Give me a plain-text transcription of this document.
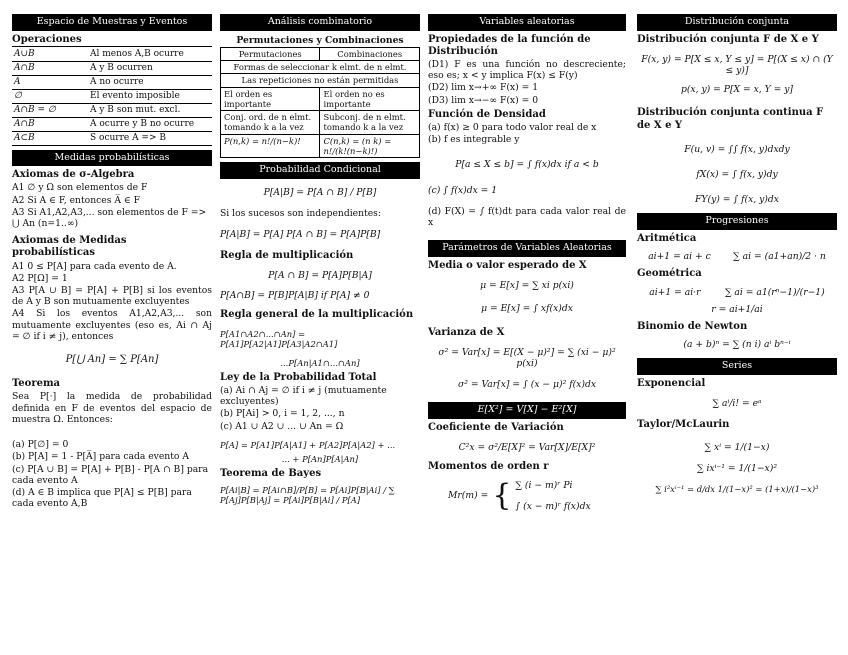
Espacio de Muestras y Eventos
Operaciones
A∪B	Al menos A,B ocurre
A∩B	A y B ocurren
A̅	A no ocurre
∅	El evento imposible
A∩B = ∅	A y B son mut. excl.
A∩B̅	A ocurre y B no ocurre
A⊂B	S ocurre A => B
Medidas probabilísticas
Axiomas de σ-Algebra
A1 ∅ y Ω son elementos de F
A2 Si A ∈ F, entonces A̅ ∈ F
A3 Si A1,A2,A3,... son elementos de F => ⋃ An (n=1..∞)
Axiomas de Medidas probabilísticas
A1 0 ≤ P[A] para cada evento de A.
A2 P[Ω] = 1
A3 P[A ∪ B] = P[A] + P[B] si los eventos de A y B son mutuamente excluyentes
A4 Si los eventos A1,A2,A3,... son mutuamente excluyentes (eso es, Ai ∩ Aj = ∅ if i ≠ j), entonces
P[⋃ An] = ∑ P[An]
Teorema
Sea P[·] la medida de probabilidad definida en F de eventos del espacio de muestra Ω. Entonces:
(a) P[∅] = 0
(b) P[A] = 1 - P[A̅] para cada evento A
(c) P[A ∪ B] = P[A] + P[B] - P[A ∩ B] para cada evento A
(d) A ∈ B implica que P[A] ≤ P[B] para cada evento A,B
Análisis combinatorio
Permutaciones y Combinaciones	
Permutaciones	Combinaciones
Formas de seleccionar k elmt. de n elmt.	
Las repeticiones no están permitidas	
El orden es importante	El orden no es importante
Conj. ord. de n elmt. tomando k a la vez	Subconj. de n elmt. tomando k a la vez
P(n,k) = n!/(n−k)!	C(n,k) = (n k) = n!/(k!(n−k)!)
Probabilidad Condicional
P[A|B] = P[A ∩ B] / P[B]
Si los sucesos son independientes:
P[A|B] = P[A] P[A ∩ B] = P[A]P[B]
Regla de multiplicación
P[A ∩ B] = P[A]P[B|A]
P[A∩B] = P[B]P[A|B] if P[A] ≠ 0
Regla general de la multiplicación
P[A1∩A2∩...∩An] = P[A1]P[A2|A1]P[A3|A2∩A1]
...P[An|A1∩...∩An]
Ley de la Probabilidad Total
(a) Ai ∩ Aj = ∅ if i ≠ j (mutuamente excluyentes)
(b) P[Ai] > 0, i = 1, 2, ..., n
(c) A1 ∪ A2 ∪ ... ∪ An = Ω
P[A] = P[A1]P[A|A1] + P[A2]P[A|A2] + ...
... + P[An]P[A|An]
Teorema de Bayes
P[Ai|B] = P[Ai∩B]/P[B] = P[Ai]P[B|Ai] / ∑ P[Aj]P[B|Aj] = P[Ai]P[B|Ai] / P[A]
Variables aleatorias
Propiedades de la función de Distribución
(D1) F es una función no descreciente; eso es; x < y implica F(x) ≤ F(y)
(D2) lim x→+∞ F(x) = 1
(D3) lim x→−∞ F(x) = 0
Función de Densidad
(a) f(x) ≥ 0 para todo valor real de x
(b) f es integrable y
P[a ≤ X ≤ b] = ∫ f(x)dx if a < b
(c) ∫ f(x)dx = 1
(d) F(X) = ∫ f(t)dt para cada valor real de x
Parámetros de Variables Aleatorias
Media o valor esperado de X
μ = E[x] = ∑ xi p(xi)
μ = E[x] = ∫ xf(x)dx
Varianza de X
σ² = Var[x] = E[(X − μ)²] = ∑ (xi − μ)² p(xi)
σ² = Var[x] = ∫ (x − μ)² f(x)dx
E[X²] = V[X] − E²[X]
Coeficiente de Variación
C²x = σ²/E[X]² = Var[X]/E[X]²
Momentos de orden r
Mr(m) = { ∑ (i − m)ʳ Pi
∫ (x − m)ʳ f(x)dx
Distribución conjunta
Distribución conjunta F de X e Y
F(x, y) = P[X ≤ x, Y ≤ y] = P[(X ≤ x) ∩ (Y ≤ y)]
p(x, y) = P[X = x, Y = y]
Distribución conjunta continua F de X e Y
F(u, v) = ∫∫ f(x, y)dxdy
fX(x) = ∫ f(x, y)dy
FY(y) = ∫ f(x, y)dx
Progresiones
Aritmética
ai+1 = ai + c ∑ ai = (a1+an)/2 · n
Geométrica
ai+1 = ai·r	∑ ai = a1(rⁿ−1)/(r−1)
r = ai+1/ai
Binomio de Newton
(a + b)ⁿ = ∑ (n i) aⁱ bⁿ⁻ⁱ
Series
Exponencial
∑ aⁱ/i! = eᵃ
Taylor/McLaurin
∑ xⁱ = 1/(1−x)
∑ ixⁱ⁻¹ = 1/(1−x)²
∑ i²xⁱ⁻¹ = d/dx 1/(1−x)² = (1+x)/(1−x)³
